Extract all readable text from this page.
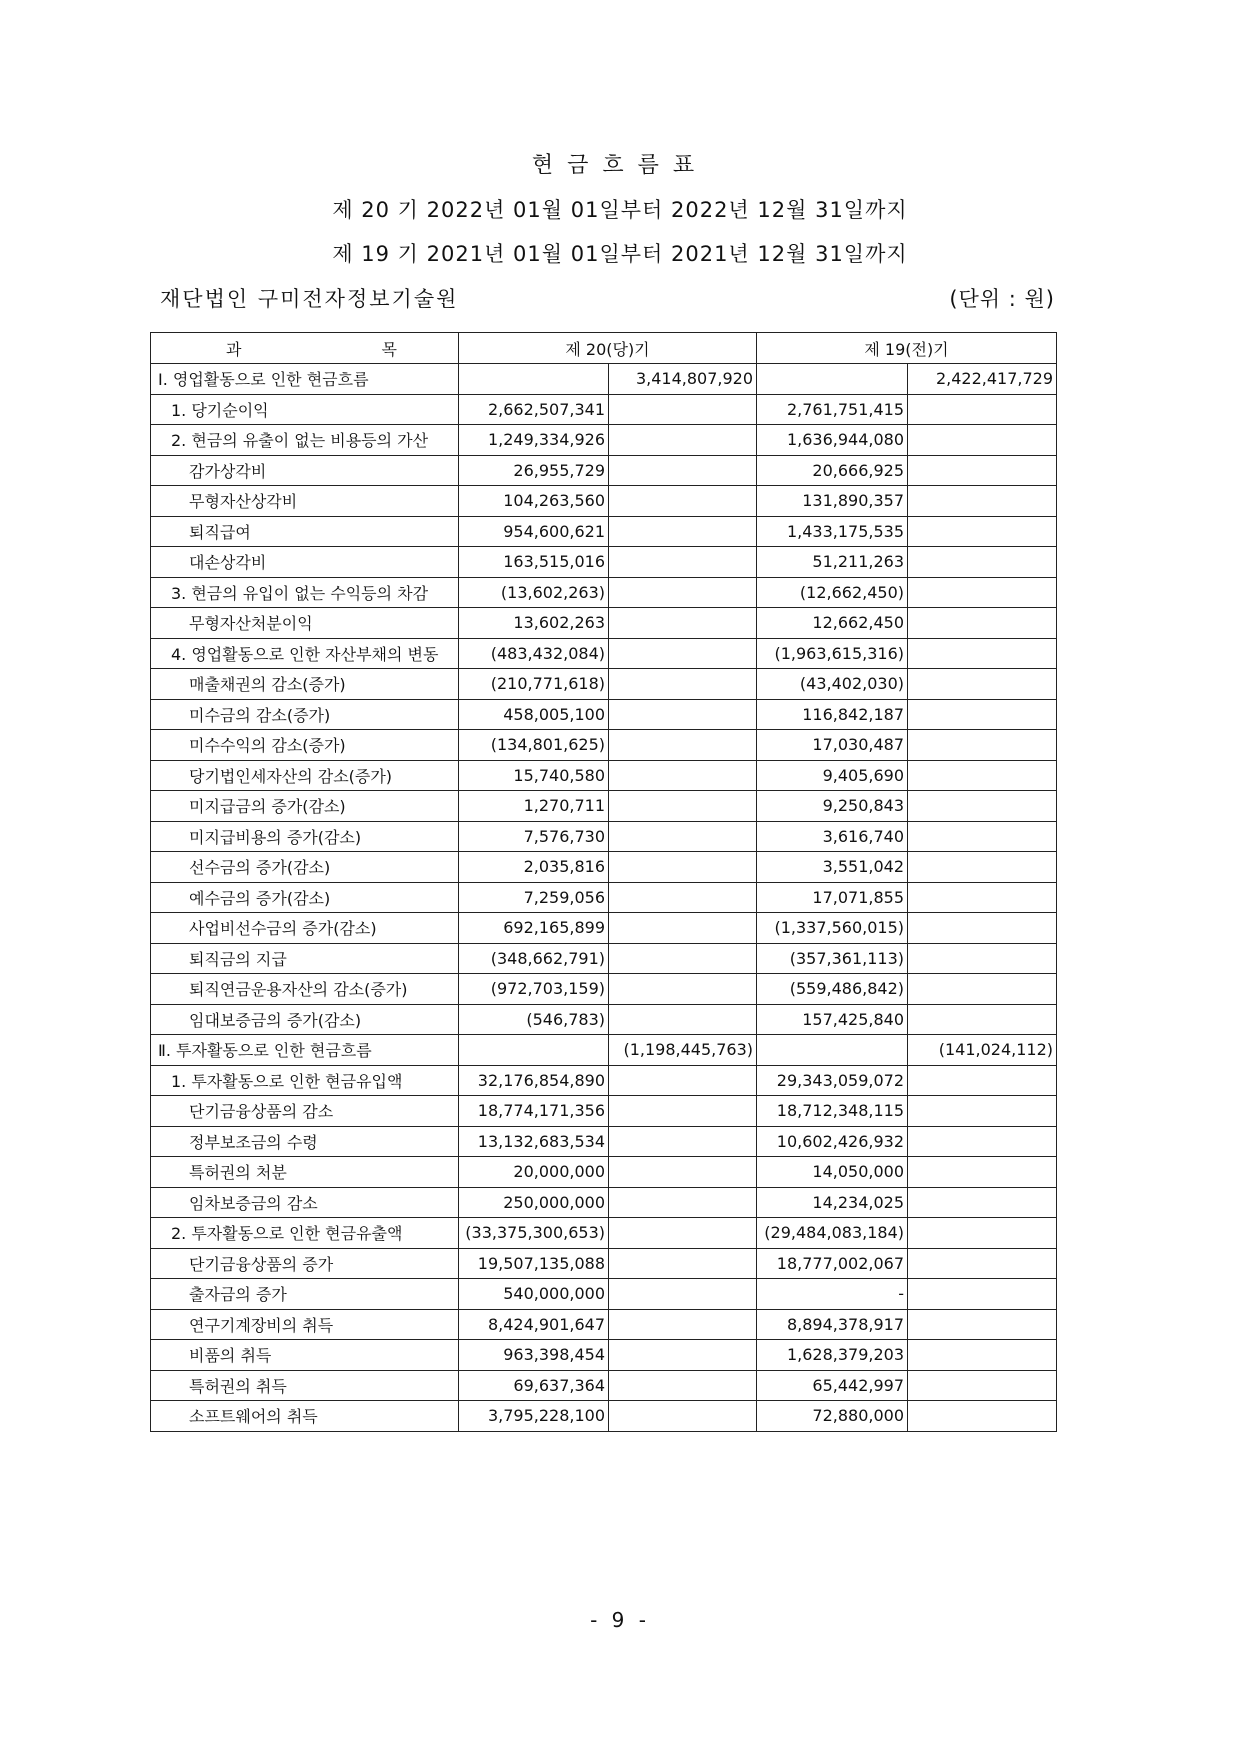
현금흐름표
제 20 기 2022년 01월 01일부터 2022년 12월 31일까지
제 19 기 2021년 01월 01일부터 2021년 12월 31일까지
재단법인 구미전자정보기술원	(단위 : 원)
과 목	제 20(당)기		제 19(전)기	
Ⅰ. 영업활동으로 인한 현금흐름		3,414,807,920		2,422,417,729
1. 당기순이익	2,662,507,341		2,761,751,415	
2. 현금의 유출이 없는 비용등의 가산	1,249,334,926		1,636,944,080	
감가상각비	26,955,729		20,666,925	
무형자산상각비	104,263,560		131,890,357	
퇴직급여	954,600,621		1,433,175,535	
대손상각비	163,515,016		51,211,263	
3. 현금의 유입이 없는 수익등의 차감	(13,602,263)		(12,662,450)	
무형자산처분이익	13,602,263		12,662,450	
4. 영업활동으로 인한 자산부채의 변동	(483,432,084)		(1,963,615,316)	
매출채권의 감소(증가)	(210,771,618)		(43,402,030)	
미수금의 감소(증가)	458,005,100		116,842,187	
미수수익의 감소(증가)	(134,801,625)		17,030,487	
당기법인세자산의 감소(증가)	15,740,580		9,405,690	
미지급금의 증가(감소)	1,270,711		9,250,843	
미지급비용의 증가(감소)	7,576,730		3,616,740	
선수금의 증가(감소)	2,035,816		3,551,042	
예수금의 증가(감소)	7,259,056		17,071,855	
사업비선수금의 증가(감소)	692,165,899		(1,337,560,015)	
퇴직금의 지급	(348,662,791)		(357,361,113)	
퇴직연금운용자산의 감소(증가)	(972,703,159)		(559,486,842)	
임대보증금의 증가(감소)	(546,783)		157,425,840	
Ⅱ. 투자활동으로 인한 현금흐름		(1,198,445,763)		(141,024,112)
1. 투자활동으로 인한 현금유입액	32,176,854,890		29,343,059,072	
단기금융상품의 감소	18,774,171,356		18,712,348,115	
정부보조금의 수령	13,132,683,534		10,602,426,932	
특허권의 처분	20,000,000		14,050,000	
임차보증금의 감소	250,000,000		14,234,025	
2. 투자활동으로 인한 현금유출액	(33,375,300,653)		(29,484,083,184)	
단기금융상품의 증가	19,507,135,088		18,777,002,067	
출자금의 증가	540,000,000		-	
연구기계장비의 취득	8,424,901,647		8,894,378,917	
비품의 취득	963,398,454		1,628,379,203	
특허권의 취득	69,637,364		65,442,997	
소프트웨어의 취득	3,795,228,100		72,880,000	
- 9 -
